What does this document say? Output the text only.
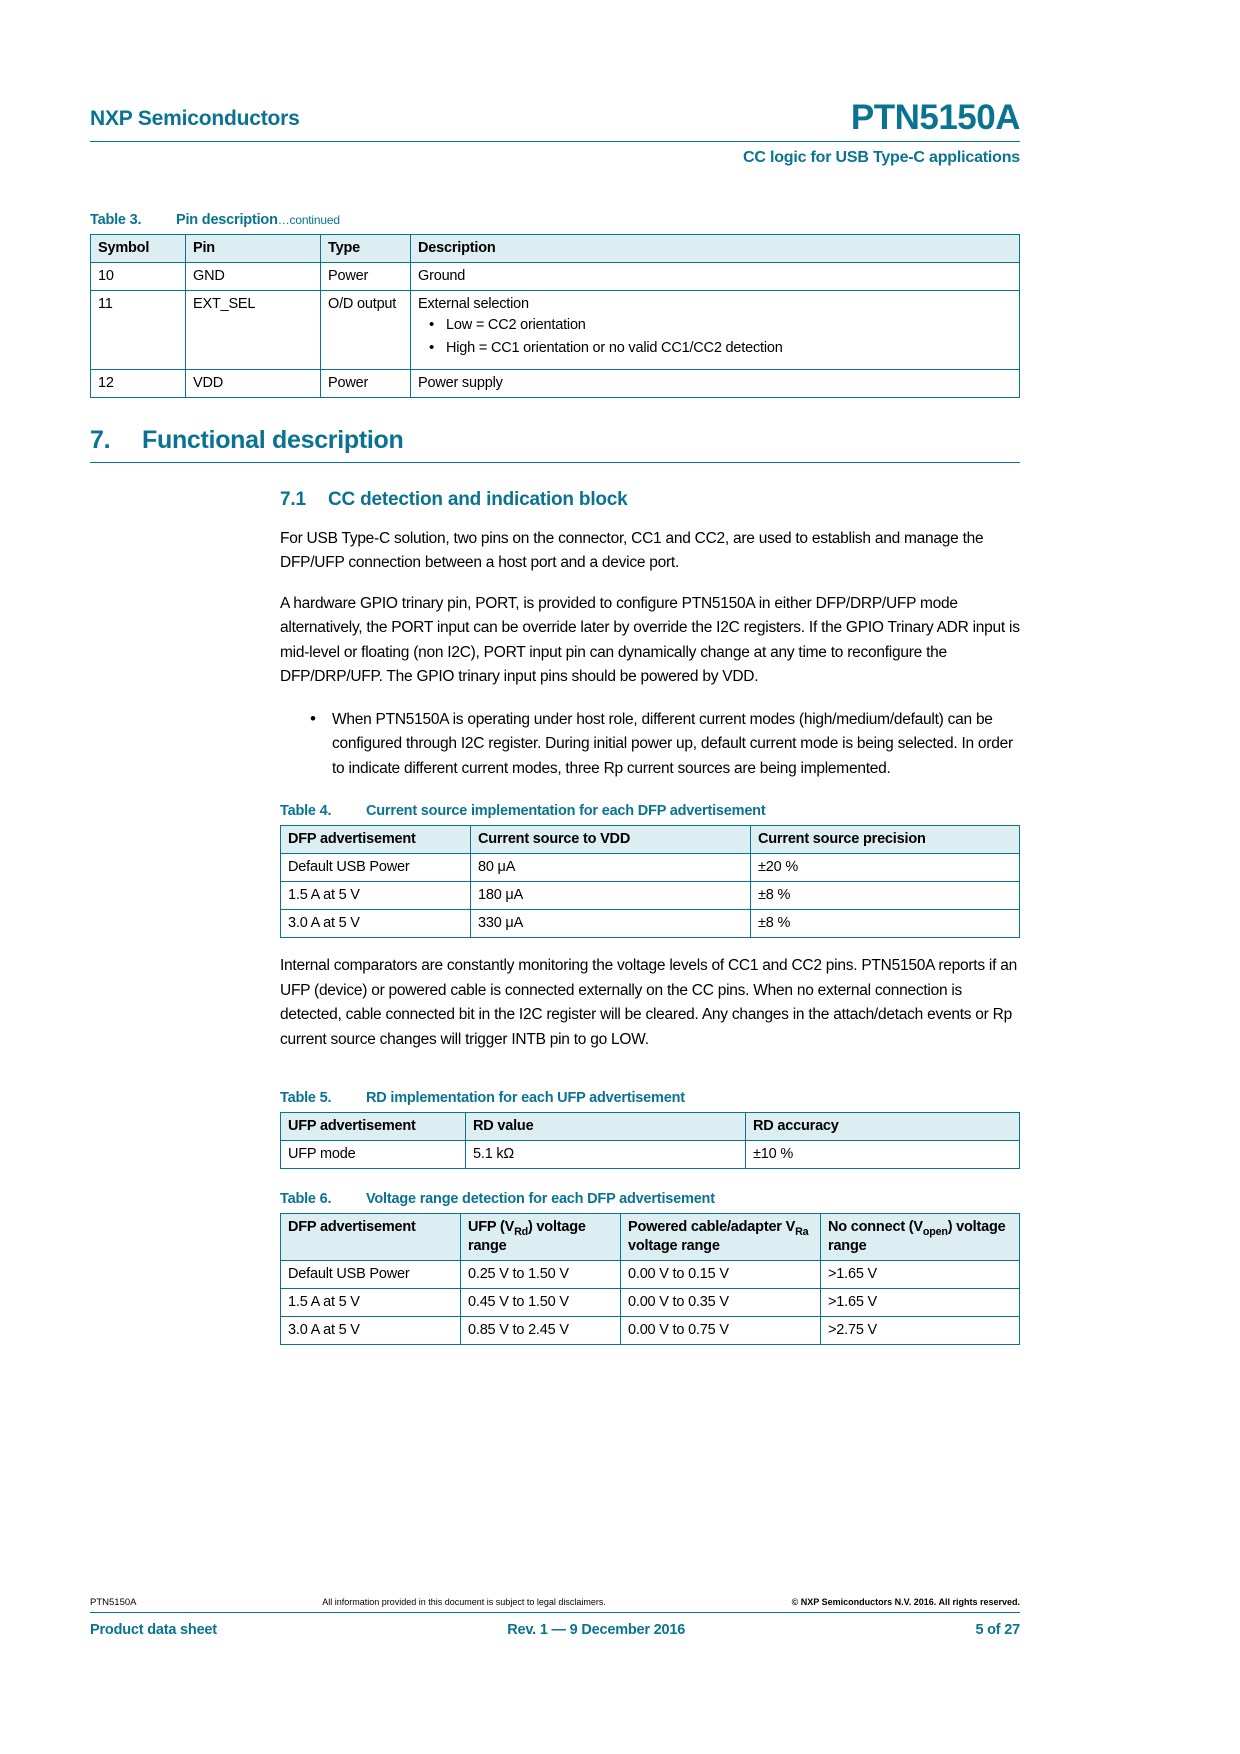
NXP Semiconductors	PTN5150A
CC logic for USB Type-C applications
Table 3. Pin description…continued
Symbol	Pin	Type	Description
10	GND	Power	Ground
11	EXT_SEL	O/D output	External selection
• Low = CC2 orientation
• High = CC1 orientation or no valid CC1/CC2 detection

12	VDD	Power	Power supply
7.	Functional description
7.1	CC detection and indication block

For USB Type-C solution, two pins on the connector, CC1 and CC2, are used to establish and manage the DFP/UFP connection between a host port and a device port.

A hardware GPIO trinary pin, PORT, is provided to configure PTN5150A in either DFP/DRP/UFP mode alternatively, the PORT input can be override later by override the I2C registers. If the GPIO Trinary ADR input is mid-level or floating (non I2C), PORT input pin can dynamically change at any time to reconfigure the DFP/DRP/UFP. The GPIO trinary input pins should be powered by VDD.

• When PTN5150A is operating under host role, different current modes (high/medium/default) can be configured through I2C register. During initial power up, default current mode is being selected. In order to indicate different current modes, three Rp current sources are being implemented.
Table 4. Current source implementation for each DFP advertisement
DFP advertisement	Current source to VDD	Current source precision
Default USB Power	80 μA	±20 %
1.5 A at 5 V	180 μA	±8 %
3.0 A at 5 V	330 μA	±8 %

Internal comparators are constantly monitoring the voltage levels of CC1 and CC2 pins. PTN5150A reports if an UFP (device) or powered cable is connected externally on the CC pins. When no external connection is detected, cable connected bit in the I2C register will be cleared. Any changes in the attach/detach events or Rp current source changes will trigger INTB pin to go LOW.

Table 5. RD implementation for each UFP advertisement
UFP advertisement	RD value	RD accuracy
UFP mode	5.1 kΩ	±10 %
Table 6. Voltage range detection for each DFP advertisement
DFP advertisement	UFP $(V_{Rd})$ voltage range	Powered cable/adapter $V_{Ra}$ voltage range	No connect $(V_{open})$ voltage range
Default USB Power	0.25 V to 1.50 V	0.00 V to 0.15 V	>1.65 V
1.5 A at 5 V	0.45 V to 1.50 V	0.00 V to 0.35 V	>1.65 V
3.0 A at 5 V	0.85 V to 2.45 V	0.00 V to 0.75 V	>2.75 V
PTN5150A	All information provided in this document is subject to legal disclaimers.	© NXP Semiconductors N.V. 2016. All rights reserved.
Product data sheet	Rev. 1 — 9 December 2016	5 of 27
